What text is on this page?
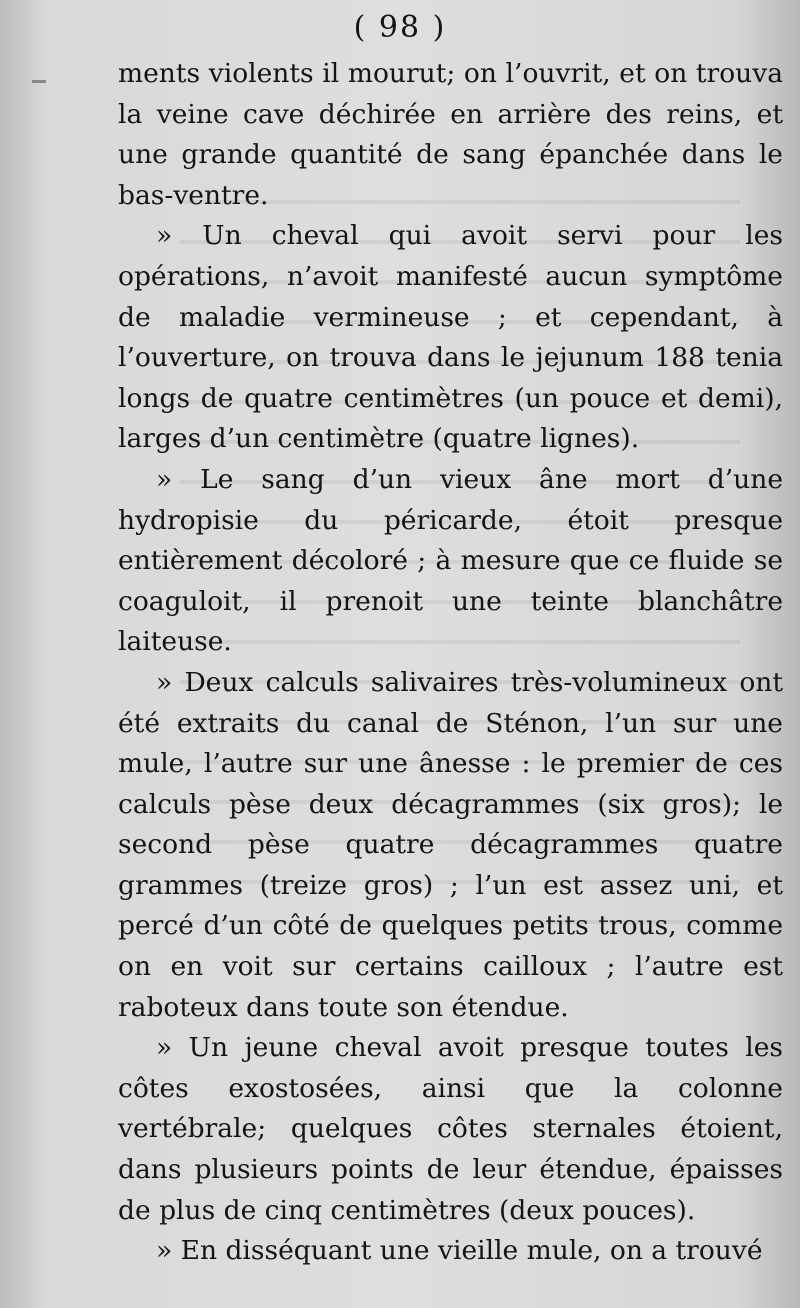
( 98 )

ments violents il mourut; on l’ouvrit, et on trouva la veine cave déchirée en arrière des reins, et une grande quantité de sang épanchée dans le bas-ventre.

» Un cheval qui avoit servi pour les opérations, n’avoit manifesté aucun symptôme de maladie vermineuse ; et cependant, à l’ouverture, on trouva dans le jejunum 188 tenia longs de quatre centimètres (un pouce et demi), larges d’un centimètre (quatre lignes).

» Le sang d’un vieux âne mort d’une hydropisie du péricarde, étoit presque entièrement décoloré ; à mesure que ce fluide se coaguloit, il prenoit une teinte blanchâtre laiteuse.

» Deux calculs salivaires très-volumineux ont été extraits du canal de Sténon, l’un sur une mule, l’autre sur une ânesse : le premier de ces calculs pèse deux décagrammes (six gros); le second pèse quatre décagrammes quatre grammes (treize gros) ; l’un est assez uni, et percé d’un côté de quelques petits trous, comme on en voit sur certains cailloux ; l’autre est raboteux dans toute son étendue.

» Un jeune cheval avoit presque toutes les côtes exostosées, ainsi que la colonne vertébrale; quelques côtes sternales étoient, dans plusieurs points de leur étendue, épaisses de plus de cinq centimètres (deux pouces).

» En disséquant une vieille mule, on a trouvé
